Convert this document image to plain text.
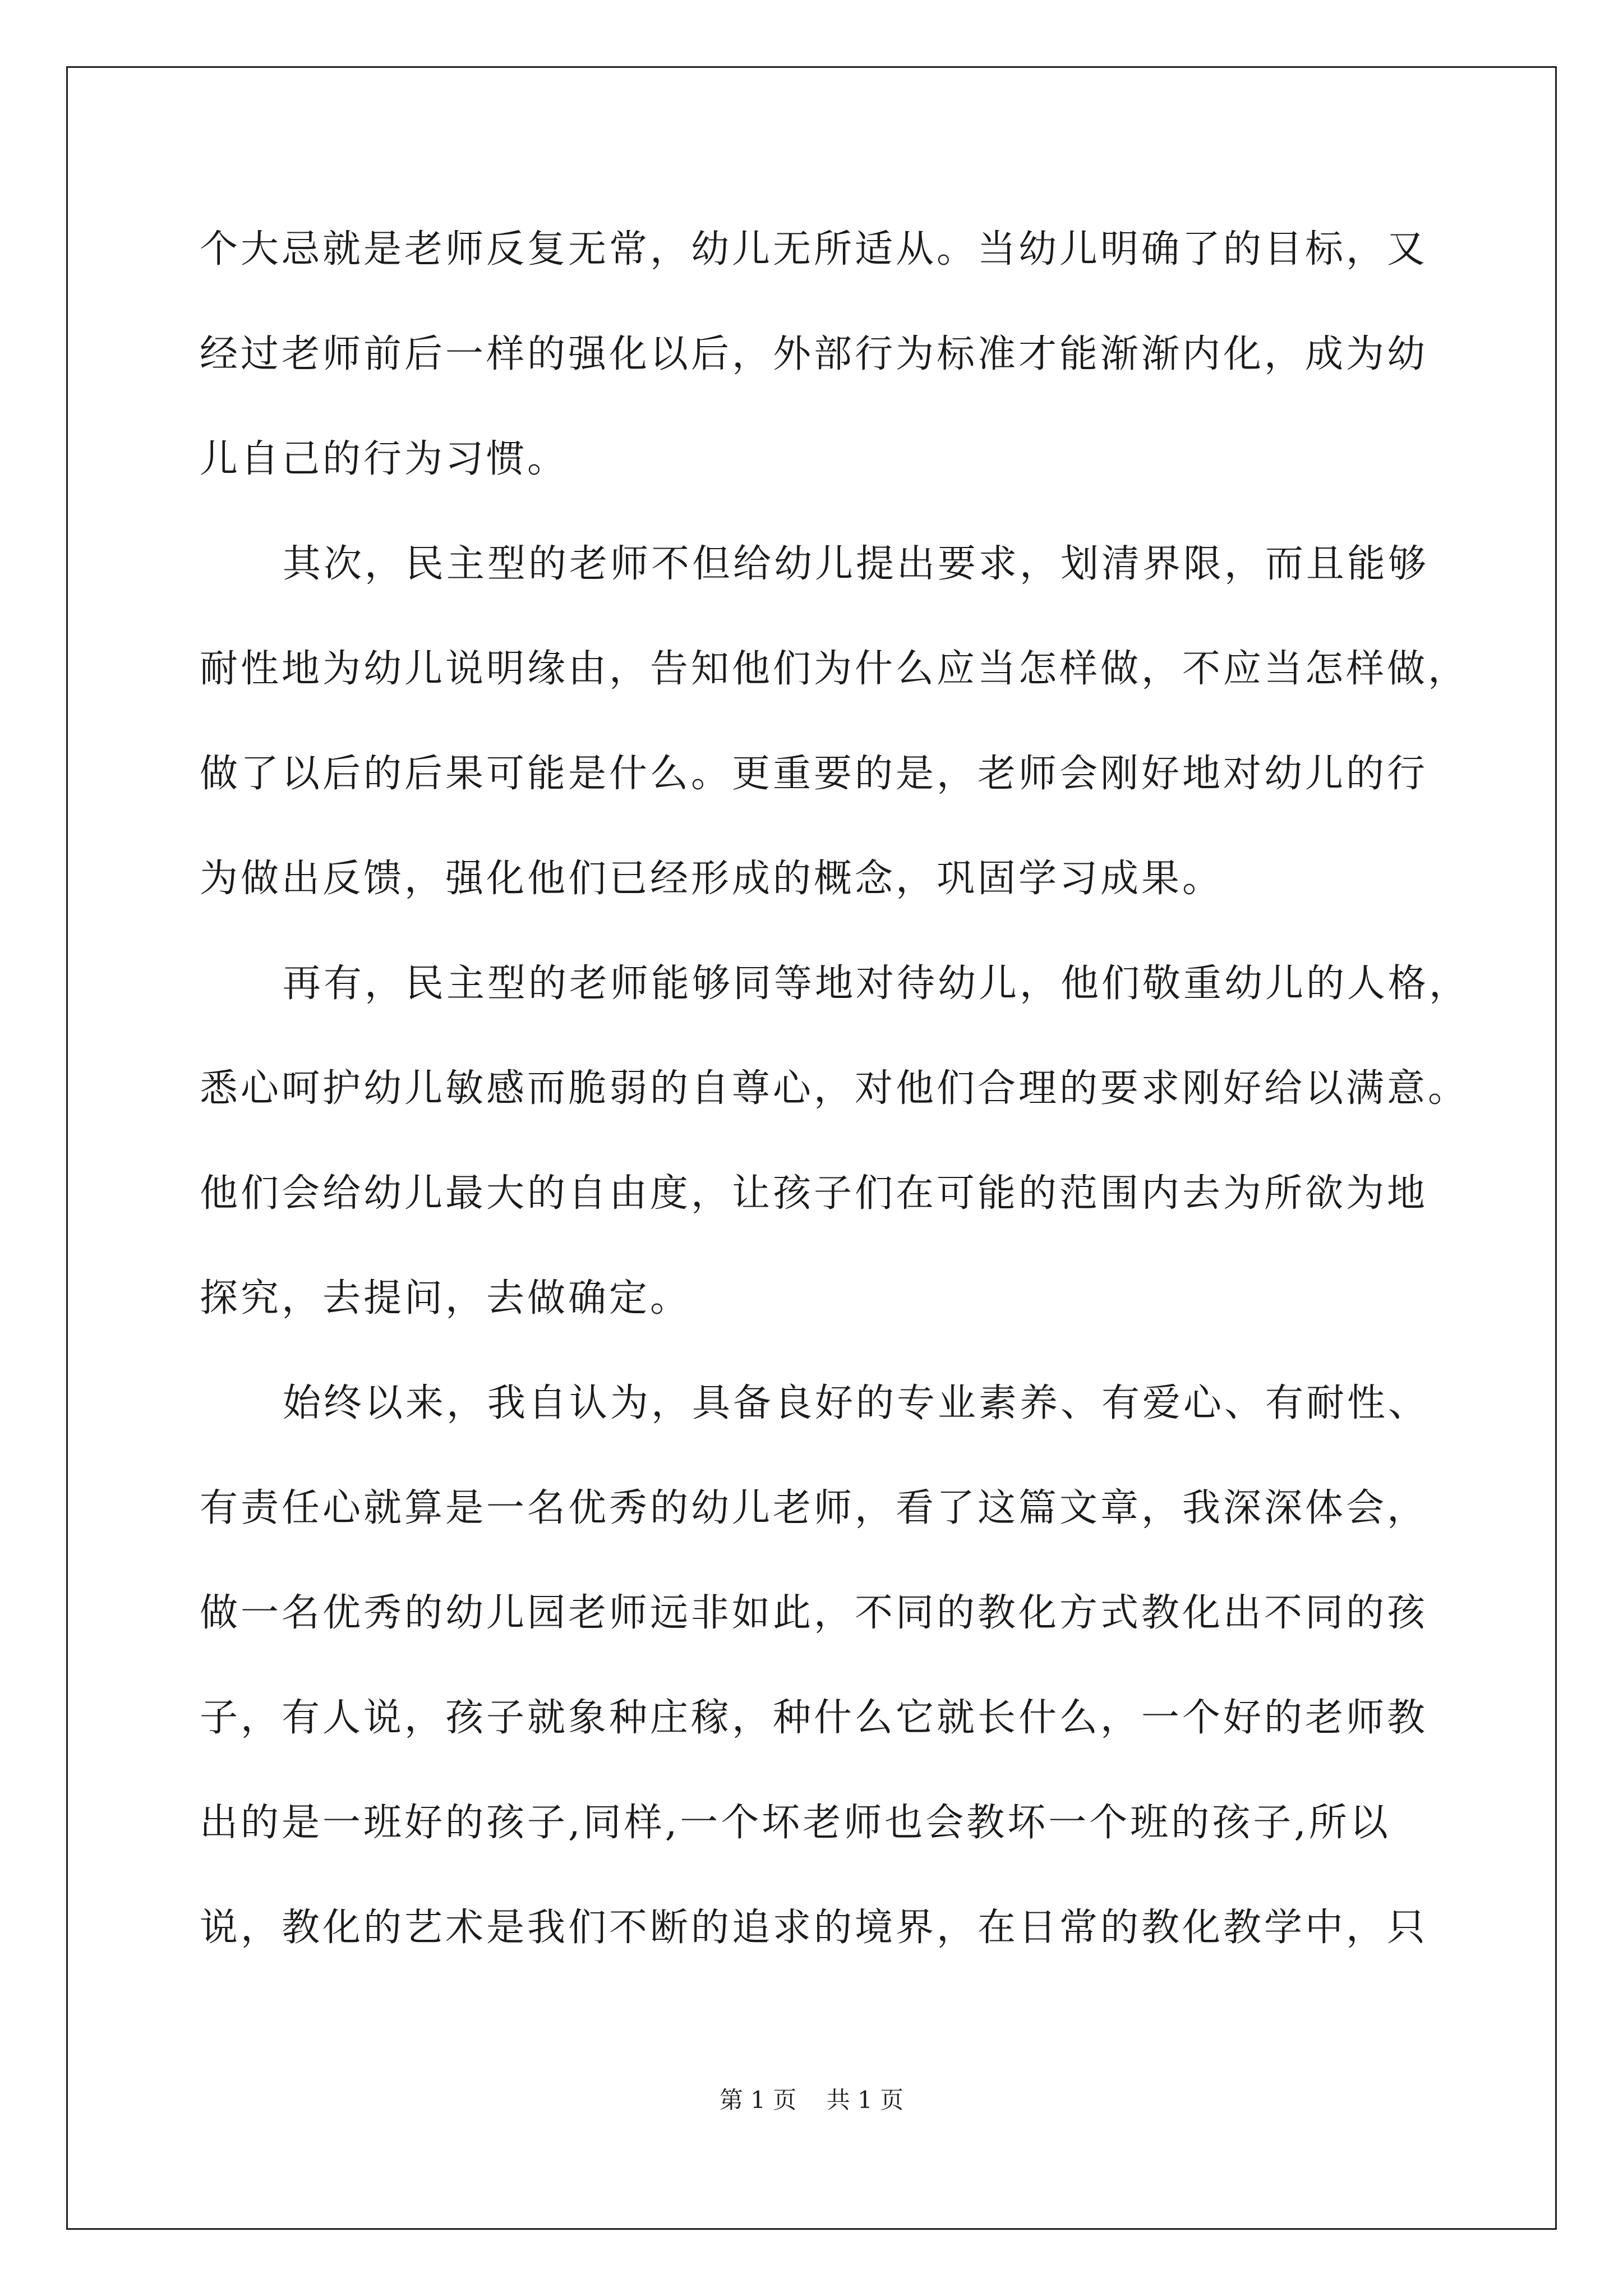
个大忌就是老师反复无常，幼儿无所适从。当幼儿明确了的目标，又
经过老师前后一样的强化以后，外部行为标准才能渐渐内化，成为幼
儿自己的行为习惯。
其次，民主型的老师不但给幼儿提出要求，划清界限，而且能够
耐性地为幼儿说明缘由，告知他们为什么应当怎样做，不应当怎样做，
做了以后的后果可能是什么。更重要的是，老师会刚好地对幼儿的行
为做出反馈，强化他们已经形成的概念，巩固学习成果。
再有，民主型的老师能够同等地对待幼儿，他们敬重幼儿的人格，
悉心呵护幼儿敏感而脆弱的自尊心，对他们合理的要求刚好给以满意。
他们会给幼儿最大的自由度，让孩子们在可能的范围内去为所欲为地
探究，去提问，去做确定。
始终以来，我自认为，具备良好的专业素养、有爱心、有耐性、
有责任心就算是一名优秀的幼儿老师，看了这篇文章，我深深体会，
做一名优秀的幼儿园老师远非如此，不同的教化方式教化出不同的孩
子，有人说，孩子就象种庄稼，种什么它就长什么，一个好的老师教
出的是一班好的孩子,同样,一个坏老师也会教坏一个班的孩子,所以
说，教化的艺术是我们不断的追求的境界，在日常的教化教学中，只
第 1 页    共 1 页
